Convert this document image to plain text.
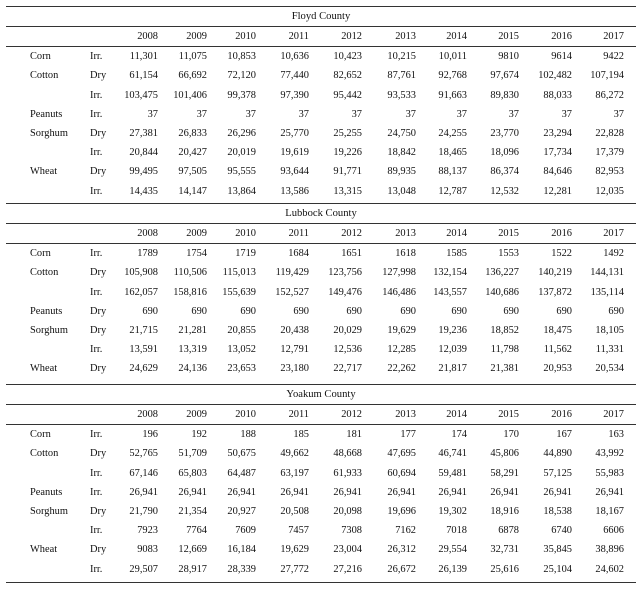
Floyd County
2008	2009	2010	2011	2012	2013	2014	2015	2016	2017
Corn	Irr.	11,301	11,075	10,853	10,636	10,423	10,215	10,011	9810	9614	9422
Cotton	Dry	61,154	66,692	72,120	77,440	82,652	87,761	92,768	97,674	102,482	107,194
Irr.	103,475	101,406	99,378	97,390	95,442	93,533	91,663	89,830	88,033	86,272
Peanuts	Irr.	37	37	37	37	37	37	37	37	37	37
Sorghum Dry	27,381	26,833	26,296	25,770	25,255	24,750	24,255	23,770	23,294	22,828
Irr.	20,844	20,427	20,019	19,619	19,226	18,842	18,465	18,096	17,734	17,379
Wheat	Dry	99,495	97,505	95,555	93,644	91,771	89,935	88,137	86,374	84,646	82,953
Irr.	14,435	14,147	13,864	13,586	13,315	13,048	12,787	12,532	12,281	12,035
Lubbock County
2008	2009	2010	2011	2012	2013	2014	2015	2016	2017
Corn	Irr.	1789	1754	1719	1684	1651	1618	1585	1553	1522	1492
Cotton	Dry	105,908	110,506	115,013	119,429	123,756	127,998	132,154	136,227	140,219	144,131
Irr.	162,057	158,816	155,639	152,527	149,476	146,486	143,557	140,686	137,872	135,114
Peanuts	Dry	690	690	690	690	690	690	690	690	690	690
Sorghum Dry	21,715	21,281	20,855	20,438	20,029	19,629	19,236	18,852	18,475	18,105
Irr.	13,591	13,319	13,052	12,791	12,536	12,285	12,039	11,798	11,562	11,331
Wheat	Dry	24,629	24,136	23,653	23,180	22,717	22,262	21,817	21,381	20,953	20,534
Yoakum County
2008	2009	2010	2011	2012	2013	2014	2015	2016	2017
Corn	Irr.	196	192	188	185	181	177	174	170	167	163
Cotton	Dry	52,765	51,709	50,675	49,662	48,668	47,695	46,741	45,806	44,890	43,992
Irr.	67,146	65,803	64,487	63,197	61,933	60,694	59,481	58,291	57,125	55,983
Peanuts	Irr.	26,941	26,941	26,941	26,941	26,941	26,941	26,941	26,941	26,941	26,941
Sorghum Dry	21,790	21,354	20,927	20,508	20,098	19,696	19,302	18,916	18,538	18,167
Irr.	7923	7764	7609	7457	7308	7162	7018	6878	6740	6606
Wheat	Dry	9083	12,669	16,184	19,629	23,004	26,312	29,554	32,731	35,845	38,896
Irr.	29,507	28,917	28,339	27,772	27,216	26,672	26,139	25,616	25,104	24,602
